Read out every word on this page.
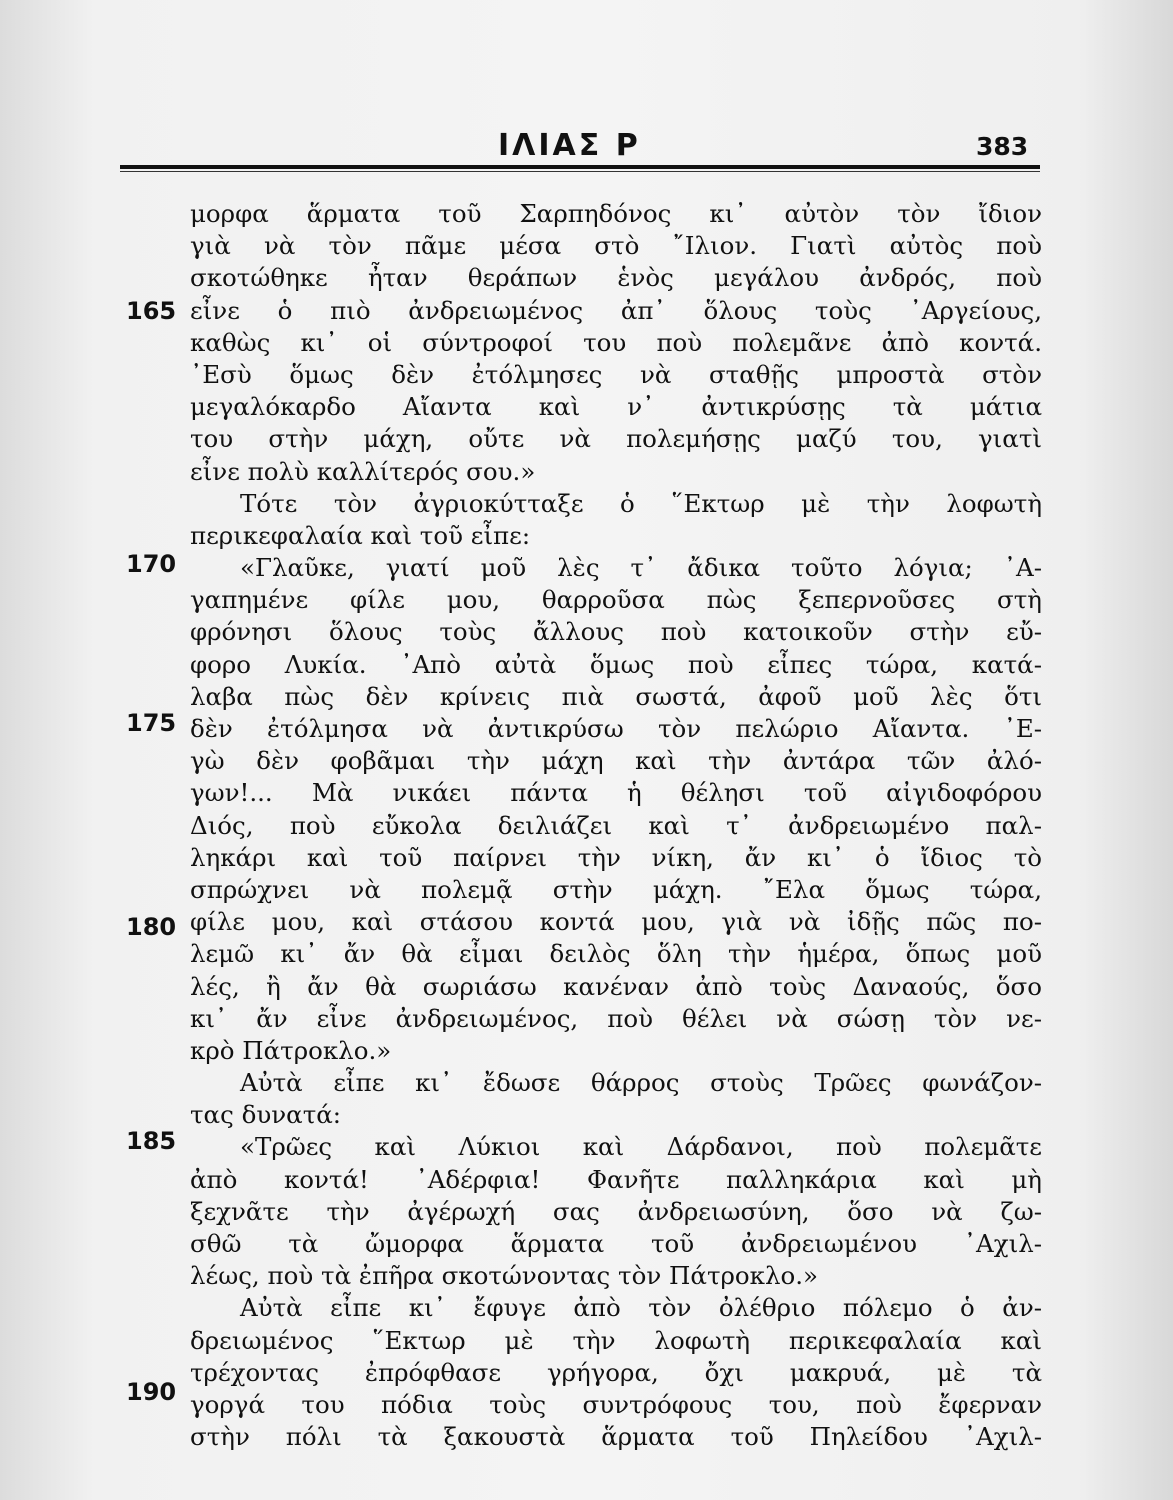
ΙΛΙΑΣ Ρ	383
165
170
175
180
185
190
μορφα ἅρματα τοῦ Σαρπηδόνος κι᾽ αὐτὸν τὸν ἴδιον
γιὰ νὰ τὸν πᾶμε μέσα στὸ ῎Ιλιον. Γιατὶ αὐτὸς ποὺ
σκοτώθηκε ἦταν θεράπων ἑνὸς μεγάλου ἀνδρός, ποὺ
εἶνε ὁ πιὸ ἀνδρειωμένος ἀπ᾽ ὅλους τοὺς ᾽Αργείους,
καθὼς κι᾽ οἱ σύντροφοί του ποὺ πολεμᾶνε ἀπὸ κοντά.
᾽Εσὺ ὅμως δὲν ἐτόλμησες νὰ σταθῇς μπροστὰ στὸν
μεγαλόκαρδο Αἴαντα καὶ ν᾽ ἀντικρύσῃς τὰ μάτια
του στὴν μάχη, οὔτε νὰ πολεμήσῃς μαζύ του, γιατὶ
εἶνε πολὺ καλλίτερός σου.»
Τότε τὸν ἀγριοκύτταξε ὁ ῞Εκτωρ μὲ τὴν λοφωτὴ
περικεφαλαία καὶ τοῦ εἶπε:
«Γλαῦκε, γιατί μοῦ λὲς τ᾽ ἄδικα τοῦτο λόγια; ᾽Α-
γαπημένε φίλε μου, θαρροῦσα πὼς ξεπερνοῦσες στὴ
φρόνησι ὅλους τοὺς ἄλλους ποὺ κατοικοῦν στὴν εὔ-
φορο Λυκία. ᾽Απὸ αὐτὰ ὅμως ποὺ εἶπες τώρα, κατά-
λαβα πὼς δὲν κρίνεις πιὰ σωστά, ἀφοῦ μοῦ λὲς ὅτι
δὲν ἐτόλμησα νὰ ἀντικρύσω τὸν πελώριο Αἴαντα. ᾽Ε-
γὼ δὲν φοβᾶμαι τὴν μάχη καὶ τὴν ἀντάρα τῶν ἀλό-
γων!... Μὰ νικάει πάντα ἡ θέλησι τοῦ αἰγιδοφόρου
Διός, ποὺ εὔκολα δειλιάζει καὶ τ᾽ ἀνδρειωμένο παλ-
ληκάρι καὶ τοῦ παίρνει τὴν νίκη, ἄν κι᾽ ὁ ἴδιος τὸ
σπρώχνει νὰ πολεμᾷ στὴν μάχη. ῎Ελα ὅμως τώρα,
φίλε μου, καὶ στάσου κοντά μου, γιὰ νὰ ἰδῇς πῶς πο-
λεμῶ κι᾽ ἄν θὰ εἶμαι δειλὸς ὅλη τὴν ἡμέρα, ὅπως μοῦ
λές, ἢ ἄν θὰ σωριάσω κανέναν ἀπὸ τοὺς Δαναούς, ὅσο
κι᾽ ἄν εἶνε ἀνδρειωμένος, ποὺ θέλει νὰ σώσῃ τὸν νε-
κρὸ Πάτροκλο.»
Αὐτὰ εἶπε κι᾽ ἔδωσε θάρρος στοὺς Τρῶες φωνάζον-
τας δυνατά:
«Τρῶες καὶ Λύκιοι καὶ Δάρδανοι, ποὺ πολεμᾶτε
ἀπὸ κοντά! ᾽Αδέρφια! Φανῆτε παλληκάρια καὶ μὴ
ξεχνᾶτε τὴν ἀγέρωχή σας ἀνδρειωσύνη, ὅσο νὰ ζω-
σθῶ τὰ ὤμορφα ἅρματα τοῦ ἀνδρειωμένου ᾽Αχιλ-
λέως, ποὺ τὰ ἐπῆρα σκοτώνοντας τὸν Πάτροκλο.»
Αὐτὰ εἶπε κι᾽ ἔφυγε ἀπὸ τὸν ὀλέθριο πόλεμο ὁ ἀν-
δρειωμένος ῞Εκτωρ μὲ τὴν λοφωτὴ περικεφαλαία καὶ
τρέχοντας ἐπρόφθασε γρήγορα, ὄχι μακρυά, μὲ τὰ
γοργά του πόδια τοὺς συντρόφους του, ποὺ ἔφερναν
στὴν πόλι τὰ ξακουστὰ ἅρματα τοῦ Πηλείδου ᾽Αχιλ-
